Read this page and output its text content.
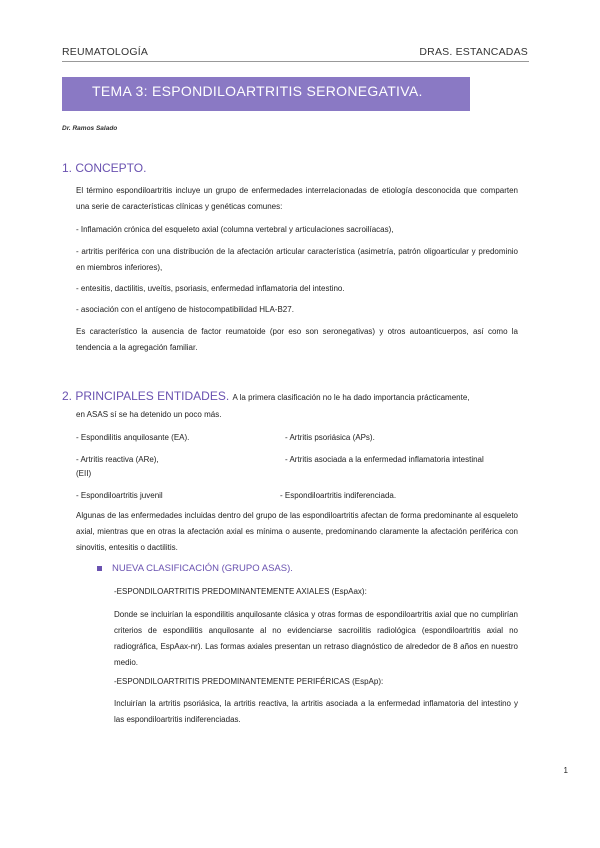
REUMATOLOGÍA	DRAS. ESTANCADAS
TEMA 3: ESPONDILOARTRITIS SERONEGATIVA.
Dr. Ramos Salado
1. CONCEPTO.

El término espondiloartritis incluye un grupo de enfermedades interrelacionadas de etiología desconocida que comparten una serie de características clínicas y genéticas comunes:

- Inflamación crónica del esqueleto axial (columna vertebral y articulaciones sacroilíacas),

- artritis periférica con una distribución de la afectación articular característica (asimetría, patrón oligoarticular y predominio en miembros inferiores),

- entesitis, dactilitis, uveítis, psoriasis, enfermedad inflamatoria del intestino.

- asociación con el antígeno de histocompatibilidad HLA-B27.

Es característico la ausencia de factor reumatoide (por eso son seronegativas) y otros autoanticuerpos, así como la tendencia a la agregación familiar.

2. PRINCIPALES ENTIDADES. A la primera clasificación no le ha dado importancia prácticamente,

en ASAS sí se ha detenido un poco más.

- Espondilitis anquilosante (EA).	- Artritis psoriásica (APs).
- Artritis reactiva (ARe),	- Artritis asociada a la enfermedad inflamatoria intestinal
(EII)
- Espondiloartritis juvenil	- Espondiloartritis indiferenciada.

Algunas de las enfermedades incluidas dentro del grupo de las espondiloartritis afectan de forma predominante al esqueleto axial, mientras que en otras la afectación axial es mínima o ausente, predominando claramente la afectación periférica con sinovitis, entesitis o dactilitis.

NUEVA CLASIFICACIÓN (GRUPO ASAS).

-ESPONDILOARTRITIS PREDOMINANTEMENTE AXIALES (EspAax):

Donde se incluirían la espondilitis anquilosante clásica y otras formas de espondiloartritis axial que no cumplirían criterios de espondilitis anquilosante al no evidenciarse sacroilitis radiológica (espondiloartritis axial no radiográfica, EspAax-nr). Las formas axiales presentan un retraso diagnóstico de alrededor de 8 años en nuestro medio.

-ESPONDILOARTRITIS PREDOMINANTEMENTE PERIFÉRICAS (EspAp):

Incluirían la artritis psoriásica, la artritis reactiva, la artritis asociada a la enfermedad inflamatoria del intestino y las espondiloartritis indiferenciadas.

1
